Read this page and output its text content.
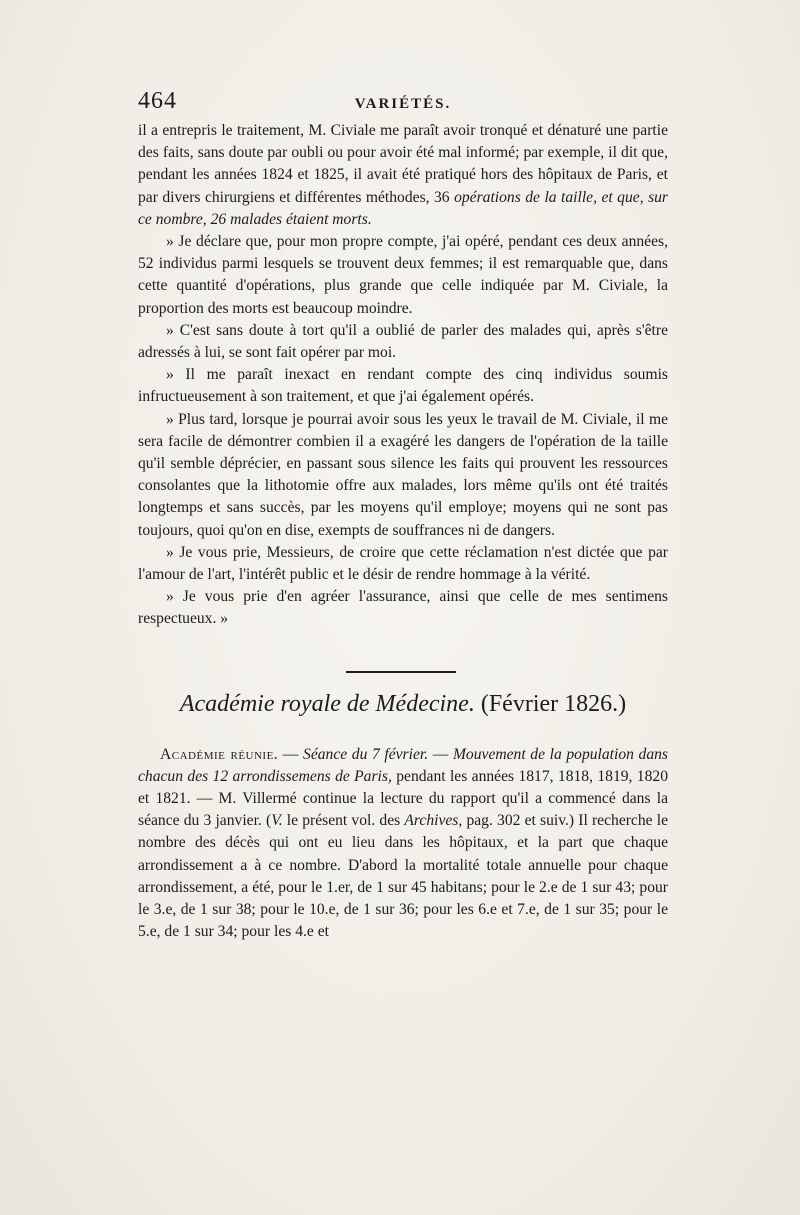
464	VARIÉTÉS.

il a entrepris le traitement, M. Civiale me paraît avoir tronqué et dénaturé une partie des faits, sans doute par oubli ou pour avoir été mal informé; par exemple, il dit que, pendant les années 1824 et 1825, il avait été pratiqué hors des hôpitaux de Paris, et par divers chirurgiens et différentes méthodes, 36 opérations de la taille, et que, sur ce nombre, 26 malades étaient morts.

» Je déclare que, pour mon propre compte, j'ai opéré, pendant ces deux années, 52 individus parmi lesquels se trouvent deux femmes; il est remarquable que, dans cette quantité d'opérations, plus grande que celle indiquée par M. Civiale, la proportion des morts est beaucoup moindre.

» C'est sans doute à tort qu'il a oublié de parler des malades qui, après s'être adressés à lui, se sont fait opérer par moi.

» Il me paraît inexact en rendant compte des cinq individus soumis infructueusement à son traitement, et que j'ai également opérés.

» Plus tard, lorsque je pourrai avoir sous les yeux le travail de M. Civiale, il me sera facile de démontrer combien il a exagéré les dangers de l'opération de la taille qu'il semble déprécier, en passant sous silence les faits qui prouvent les ressources consolantes que la lithotomie offre aux malades, lors même qu'ils ont été traités longtemps et sans succès, par les moyens qu'il employe; moyens qui ne sont pas toujours, quoi qu'on en dise, exempts de souffrances ni de dangers.

» Je vous prie, Messieurs, de croire que cette réclamation n'est dictée que par l'amour de l'art, l'intérêt public et le désir de rendre hommage à la vérité.

» Je vous prie d'en agréer l'assurance, ainsi que celle de mes sentimens respectueux. »

Académie royale de Médecine. (Février 1826.)

Académie réunie. — Séance du 7 février. — Mouvement de la population dans chacun des 12 arrondissemens de Paris, pendant les années 1817, 1818, 1819, 1820 et 1821. — M. Villermé continue la lecture du rapport qu'il a commencé dans la séance du 3 janvier. (V. le présent vol. des Archives, pag. 302 et suiv.) Il recherche le nombre des décès qui ont eu lieu dans les hôpitaux, et la part que chaque arrondissement a à ce nombre. D'abord la mortalité totale annuelle pour chaque arrondissement, a été, pour le 1.er, de 1 sur 45 habitans; pour le 2.e de 1 sur 43; pour le 3.e, de 1 sur 38; pour le 10.e, de 1 sur 36; pour les 6.e et 7.e, de 1 sur 35; pour le 5.e, de 1 sur 34; pour les 4.e et
